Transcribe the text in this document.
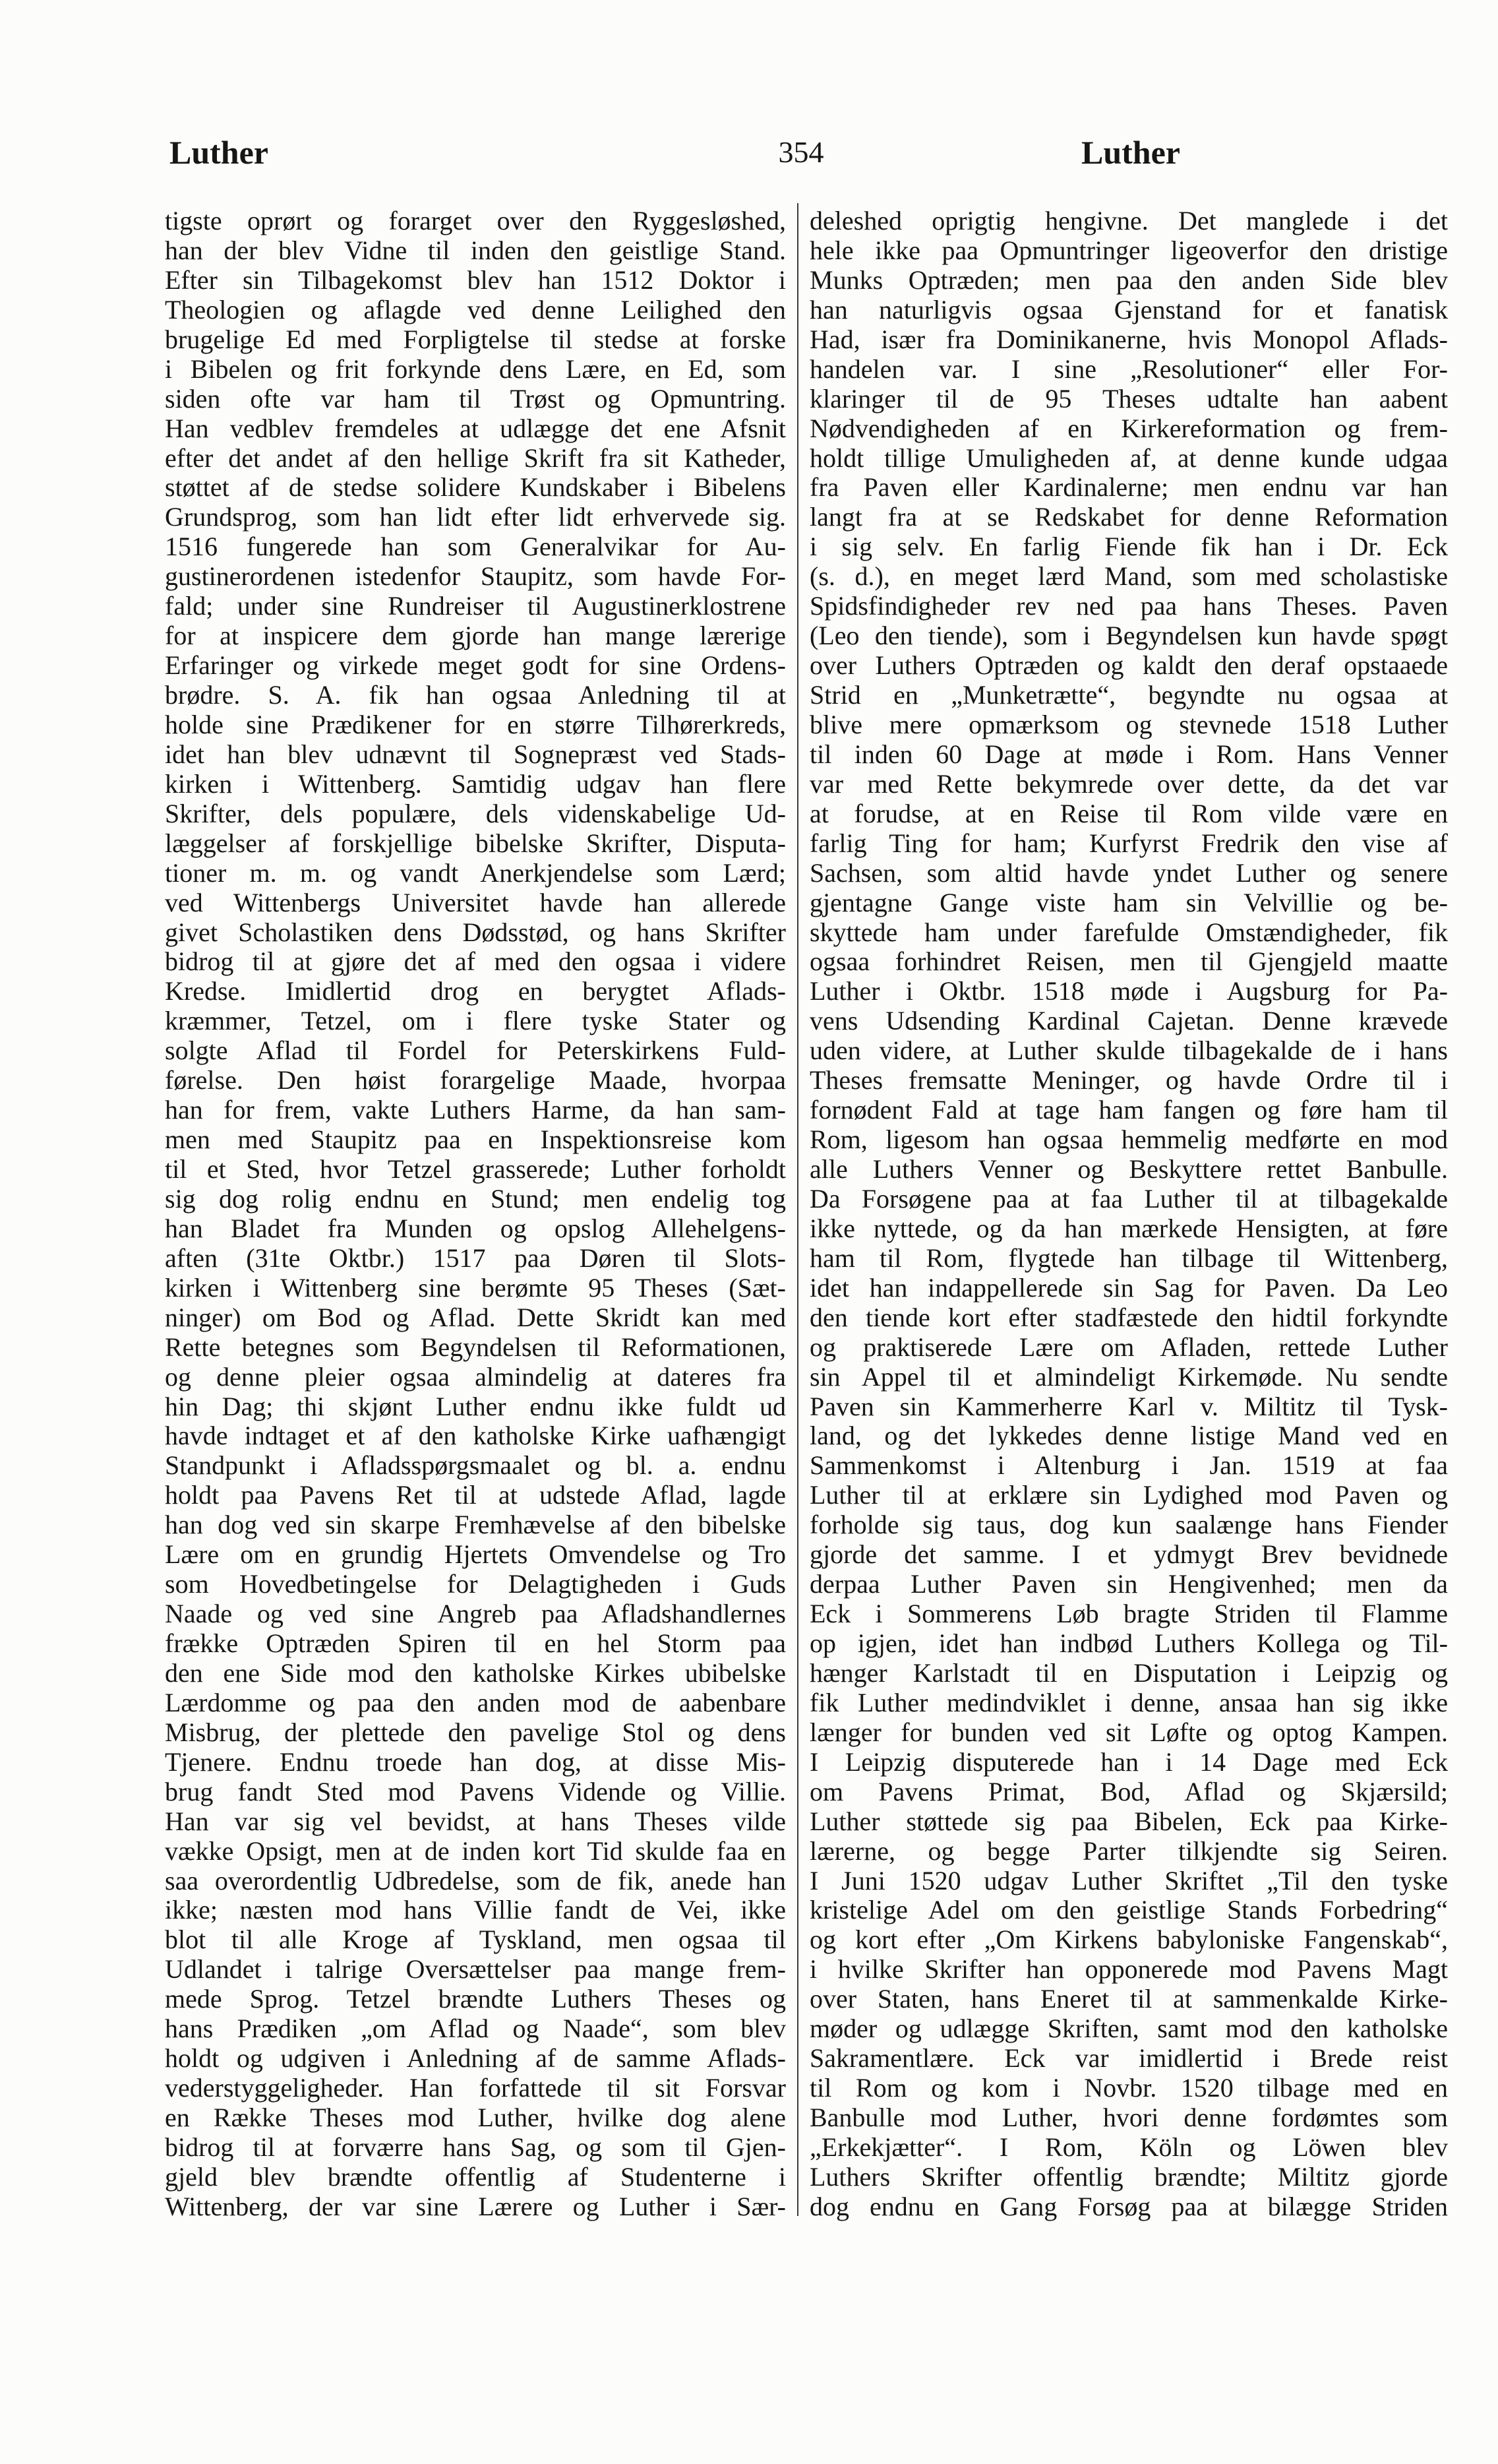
Luther	354	Luther
tigste oprørt og forarget over den Ryggesløshed,
han der blev Vidne til inden den geistlige Stand.
Efter sin Tilbagekomst blev han 1512 Doktor i
Theologien og aflagde ved denne Leilighed den
brugelige Ed med Forpligtelse til stedse at forske
i Bibelen og frit forkynde dens Lære, en Ed, som
siden ofte var ham til Trøst og Opmuntring.
Han vedblev fremdeles at udlægge det ene Afsnit
efter det andet af den hellige Skrift fra sit Katheder,
støttet af de stedse solidere Kundskaber i Bibelens
Grundsprog, som han lidt efter lidt erhvervede sig.
1516 fungerede han som Generalvikar for Au-
gustinerordenen istedenfor Staupitz, som havde For-
fald; under sine Rundreiser til Augustinerklostrene
for at inspicere dem gjorde han mange lærerige
Erfaringer og virkede meget godt for sine Ordens-
brødre. S. A. fik han ogsaa Anledning til at
holde sine Prædikener for en større Tilhørerkreds,
idet han blev udnævnt til Sognepræst ved Stads-
kirken i Wittenberg. Samtidig udgav han flere
Skrifter, dels populære, dels videnskabelige Ud-
læggelser af forskjellige bibelske Skrifter, Disputa-
tioner m. m. og vandt Anerkjendelse som Lærd;
ved Wittenbergs Universitet havde han allerede
givet Scholastiken dens Dødsstød, og hans Skrifter
bidrog til at gjøre det af med den ogsaa i videre
Kredse. Imidlertid drog en berygtet Aflads-
kræmmer, Tetzel, om i flere tyske Stater og
solgte Aflad til Fordel for Peterskirkens Fuld-
førelse. Den høist forargelige Maade, hvorpaa
han for frem, vakte Luthers Harme, da han sam-
men med Staupitz paa en Inspektionsreise kom
til et Sted, hvor Tetzel grasserede; Luther forholdt
sig dog rolig endnu en Stund; men endelig tog
han Bladet fra Munden og opslog Allehelgens-
aften (31te Oktbr.) 1517 paa Døren til Slots-
kirken i Wittenberg sine berømte 95 Theses (Sæt-
ninger) om Bod og Aflad. Dette Skridt kan med
Rette betegnes som Begyndelsen til Reformationen,
og denne pleier ogsaa almindelig at dateres fra
hin Dag; thi skjønt Luther endnu ikke fuldt ud
havde indtaget et af den katholske Kirke uafhængigt
Standpunkt i Afladsspørgsmaalet og bl. a. endnu
holdt paa Pavens Ret til at udstede Aflad, lagde
han dog ved sin skarpe Fremhævelse af den bibelske
Lære om en grundig Hjertets Omvendelse og Tro
som Hovedbetingelse for Delagtigheden i Guds
Naade og ved sine Angreb paa Afladshandlernes
frække Optræden Spiren til en hel Storm paa
den ene Side mod den katholske Kirkes ubibelske
Lærdomme og paa den anden mod de aabenbare
Misbrug, der plettede den pavelige Stol og dens
Tjenere. Endnu troede han dog, at disse Mis-
brug fandt Sted mod Pavens Vidende og Villie.
Han var sig vel bevidst, at hans Theses vilde
vække Opsigt, men at de inden kort Tid skulde faa en
saa overordentlig Udbredelse, som de fik, anede han
ikke; næsten mod hans Villie fandt de Vei, ikke
blot til alle Kroge af Tyskland, men ogsaa til
Udlandet i talrige Oversættelser paa mange frem-
mede Sprog. Tetzel brændte Luthers Theses og
hans Prædiken „om Aflad og Naade“, som blev
holdt og udgiven i Anledning af de samme Aflads-
vederstyggeligheder. Han forfattede til sit Forsvar
en Række Theses mod Luther, hvilke dog alene
bidrog til at forværre hans Sag, og som til Gjen-
gjeld blev brændte offentlig af Studenterne i
Wittenberg, der var sine Lærere og Luther i Sær-
deleshed oprigtig hengivne. Det manglede i det
hele ikke paa Opmuntringer ligeoverfor den dristige
Munks Optræden; men paa den anden Side blev
han naturligvis ogsaa Gjenstand for et fanatisk
Had, især fra Dominikanerne, hvis Monopol Aflads-
handelen var. I sine „Resolutioner“ eller For-
klaringer til de 95 Theses udtalte han aabent
Nødvendigheden af en Kirkereformation og frem-
holdt tillige Umuligheden af, at denne kunde udgaa
fra Paven eller Kardinalerne; men endnu var han
langt fra at se Redskabet for denne Reformation
i sig selv. En farlig Fiende fik han i Dr. Eck
(s. d.), en meget lærd Mand, som med scholastiske
Spidsfindigheder rev ned paa hans Theses. Paven
(Leo den tiende), som i Begyndelsen kun havde spøgt
over Luthers Optræden og kaldt den deraf opstaaede
Strid en „Munketrætte“, begyndte nu ogsaa at
blive mere opmærksom og stevnede 1518 Luther
til inden 60 Dage at møde i Rom. Hans Venner
var med Rette bekymrede over dette, da det var
at forudse, at en Reise til Rom vilde være en
farlig Ting for ham; Kurfyrst Fredrik den vise af
Sachsen, som altid havde yndet Luther og senere
gjentagne Gange viste ham sin Velvillie og be-
skyttede ham under farefulde Omstændigheder, fik
ogsaa forhindret Reisen, men til Gjengjeld maatte
Luther i Oktbr. 1518 møde i Augsburg for Pa-
vens Udsending Kardinal Cajetan. Denne krævede
uden videre, at Luther skulde tilbagekalde de i hans
Theses fremsatte Meninger, og havde Ordre til i
fornødent Fald at tage ham fangen og føre ham til
Rom, ligesom han ogsaa hemmelig medførte en mod
alle Luthers Venner og Beskyttere rettet Banbulle.
Da Forsøgene paa at faa Luther til at tilbagekalde
ikke nyttede, og da han mærkede Hensigten, at føre
ham til Rom, flygtede han tilbage til Wittenberg,
idet han indappellerede sin Sag for Paven. Da Leo
den tiende kort efter stadfæstede den hidtil forkyndte
og praktiserede Lære om Afladen, rettede Luther
sin Appel til et almindeligt Kirkemøde. Nu sendte
Paven sin Kammerherre Karl v. Miltitz til Tysk-
land, og det lykkedes denne listige Mand ved en
Sammenkomst i Altenburg i Jan. 1519 at faa
Luther til at erklære sin Lydighed mod Paven og
forholde sig taus, dog kun saalænge hans Fiender
gjorde det samme. I et ydmygt Brev bevidnede
derpaa Luther Paven sin Hengivenhed; men da
Eck i Sommerens Løb bragte Striden til Flamme
op igjen, idet han indbød Luthers Kollega og Til-
hænger Karlstadt til en Disputation i Leipzig og
fik Luther medindviklet i denne, ansaa han sig ikke
længer for bunden ved sit Løfte og optog Kampen.
I Leipzig disputerede han i 14 Dage med Eck
om Pavens Primat, Bod, Aflad og Skjærsild;
Luther støttede sig paa Bibelen, Eck paa Kirke-
lærerne, og begge Parter tilkjendte sig Seiren.
I Juni 1520 udgav Luther Skriftet „Til den tyske
kristelige Adel om den geistlige Stands Forbedring“
og kort efter „Om Kirkens babyloniske Fangenskab“,
i hvilke Skrifter han opponerede mod Pavens Magt
over Staten, hans Eneret til at sammenkalde Kirke-
møder og udlægge Skriften, samt mod den katholske
Sakramentlære. Eck var imidlertid i Brede reist
til Rom og kom i Novbr. 1520 tilbage med en
Banbulle mod Luther, hvori denne fordømtes som
„Erkekjætter“. I Rom, Köln og Löwen blev
Luthers Skrifter offentlig brændte; Miltitz gjorde
dog endnu en Gang Forsøg paa at bilægge Striden
